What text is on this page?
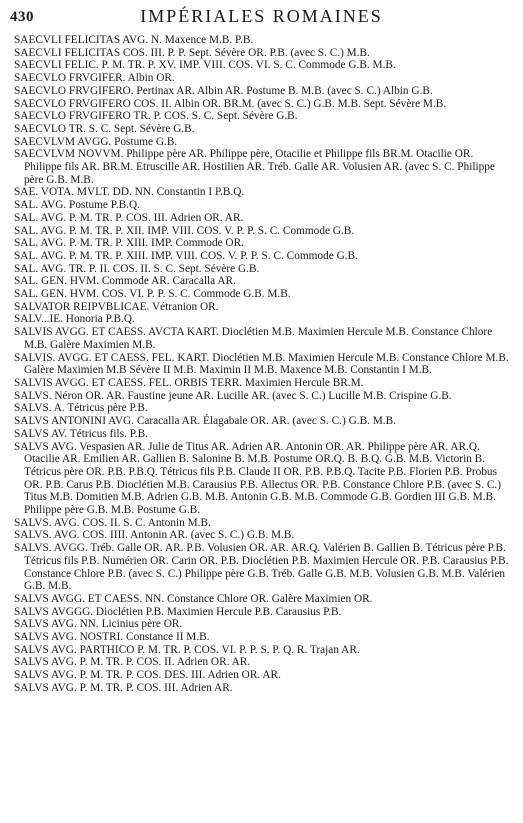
430	IMPÉRIALES ROMAINES

SAECVLI FELICITAS AVG. N. Maxence M.B. P.B.

SAECVLI FELICITAS COS. III. P. P. Sept. Sévère OR. P.B. (avec S. C.) M.B.

SAECVLI FELIC. P. M. TR. P. XV. IMP. VIII. COS. VI. S. C. Commode G.B. M.B.

SAECVLO FRVGIFER. Albin OR.

SAECVLO FRVGIFERO. Pertinax AR. Albin AR. Postume B. M.B. (avec S. C.) Albin G.B.

SAECVLO FRVGIFERO COS. II. Albin OR. BR.M. (avec S. C.) G.B. M.B. Sept. Sévère M.B.

SAECVLO FRVGIFERO TR. P. COS. S. C. Sept. Sévère G.B.

SAECVLO TR. S. C. Sept. Sévère G.B.

SAECVLVM AVGG. Postume G.B.

SAECVLVM NOVVM. Philippe père AR. Philippe père, Otacilie et Philippe fils BR.M. Otacilie OR. Philippe fils AR. BR.M. Etruscille AR. Hostilien AR. Tréb. Galle AR. Volusien AR. (avec S. C. Philippe père G.B. M.B.

SAE. VOTA. MVLT. DD. NN. Constantin I P.B.Q.

SAL. AVG. Postume P.B.Q.

SAL. AVG. P. M. TR. P. COS. III. Adrien OR. AR.

SAL. AVG. P. M. TR. P. XII. IMP. VIII. COS. V. P. P. S. C. Commode G.B.

SAL. AVG. P. M. TR. P. XIII. IMP. Commode OR.

SAL. AVG. P. M. TR. P. XIII. IMP. VIII. COS. V. P. P. S. C. Commode G.B.

SAL. AVG. TR. P. II. COS. II. S. C. Sept. Sévère G.B.

SAL. GEN. HVM. Commode AR. Caracalla AR.

SAL. GEN. HVM. COS. VI. P. P. S. C. Commode G.B. M.B.

SALVATOR REIPVBLICAE. Vétranion OR.

SALV...IE. Honoria P.B.Q.

SALVIS AVGG. ET CAESS. AVCTA KART. Dioclétien M.B. Maximien Hercule M.B. Constance Chlore M.B. Galère Maximien M.B.

SALVIS. AVGG. ET CAESS. FEL. KART. Dioclétien M.B. Maximien Hercule M.B. Constance Chlore M.B. Galère Maximien M.B Sévère II M.B. Maximin II M.B. Maxence M.B. Constantin I M.B.

SALVIS AVGG. ET CAESS. FEL. ORBIS TERR. Maximien Hercule BR.M.

SALVS. Néron OR. AR. Faustine jeune AR. Lucille AR. (avec S. C.) Lucille M.B. Crispine G.B.

SALVS. A. Tétricus père P.B.

SALVS ANTONINI AVG. Caracalla AR. Élagabale OR. AR. (avec S. C.) G.B. M.B.

SALVS AV. Tétricus fils. P.B.

SALVS AVG. Vespasien AR. Julie de Titus AR. Adrien AR. Antonin OR. AR. Philippe père AR. AR.Q. Otacilie AR. Emilien AR. Gallien B. Salonine B. M.B. Postume OR.Q. B. B.Q. G.B. M.B. Victorin B. Tétricus père OR. P.B. P.B.Q. Tétricus fils P.B. Claude II OR. P.B. P.B.Q. Tacite P.B. Florien P.B. Probus OR. P.B. Carus P.B. Dioclétien M.B. Carausius P.B. Allectus OR. P.B. Constance Chlore P.B. (avec S. C.) Titus M.B. Domitien M.B. Adrien G.B. M.B. Antonin G.B. M.B. Commode G.B. Gordien III G.B. M.B. Philippe père G.B. M.B. Postume G.B.

SALVS. AVG. COS. II. S. C. Antonin M.B.

SALVS. AVG. COS. IIII. Antonin AR. (avec S. C.) G.B. M.B.

SALVS. AVGG. Tréb. Galle OR. AR. P.B. Volusien OR. AR. AR.Q. Valérien B. Gallien B. Tétricus père P.B. Tétricus fils P.B. Numérien OR. Carin OR. P.B. Dioclétien P.B. Maximien Hercule OR. P.B. Carausius P.B. Constance Chlore P.B. (avec S. C.) Philippe père G.B. Tréb. Galle G.B. M.B. Volusien G.B. M.B. Valérien G.B. M.B.

SALVS AVGG. ET CAESS. NN. Constance Chlore OR. Galère Maximien OR.

SALVS AVGGG. Dioclétien P.B. Maximien Hercule P.B. Carausius P.B.

SALVS AVG. NN. Licinius père OR.

SALVS AVG. NOSTRI. Constance II M.B.

SALVS AVG. PARTHICO P. M. TR. P. COS. VI. P. P. S. P. Q. R. Trajan AR.

SALVS AVG. P. M. TR. P. COS. II. Adrien OR. AR.

SALVS AVG. P. M. TR. P. COS. DES. III. Adrien OR. AR.

SALVS AVG. P. M. TR. P. COS. III. Adrien AR.
